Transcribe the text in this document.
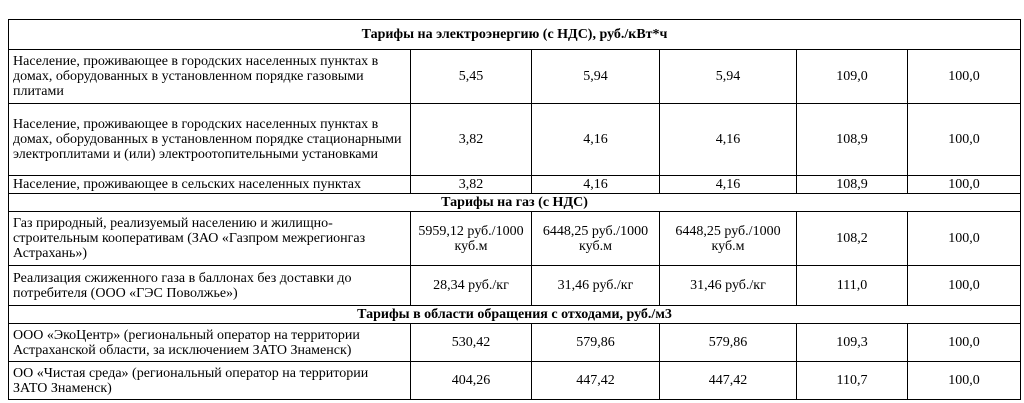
Тарифы на электроэнергию (с НДС), руб./кВт*ч					
Население, проживающее в городских населенных пунктах в домах, оборудованных в установленном порядке газовыми плитами	5,45	5,94	5,94	109,0	100,0
Население, проживающее в городских населенных пунктах в домах, оборудованных в установленном порядке стационарными электроплитами и (или) электроотопительными установками	3,82	4,16	4,16	108,9	100,0
Население, проживающее в сельских населенных пунктах	3,82	4,16	4,16	108,9	100,0
Тарифы на газ (с НДС)					
Газ природный, реализуемый населению и жилищно-строительным кооперативам (ЗАО «Газпром межрегионгаз Астрахань»)	5959,12 руб./1000 куб.м	6448,25 руб./1000 куб.м	6448,25 руб./1000 куб.м	108,2	100,0
Реализация сжиженного газа в баллонах без доставки до потребителя (ООО «ГЭС Поволжье»)	28,34 руб./кг	31,46 руб./кг	31,46 руб./кг	111,0	100,0
Тарифы в области обращения с отходами, руб./м3					
ООО «ЭкоЦентр» (региональный оператор на территории Астраханской области, за исключением ЗАТО Знаменск)	530,42	579,86	579,86	109,3	100,0
ОО «Чистая среда» (региональный оператор на территории ЗАТО Знаменск)	404,26	447,42	447,42	110,7	100,0
